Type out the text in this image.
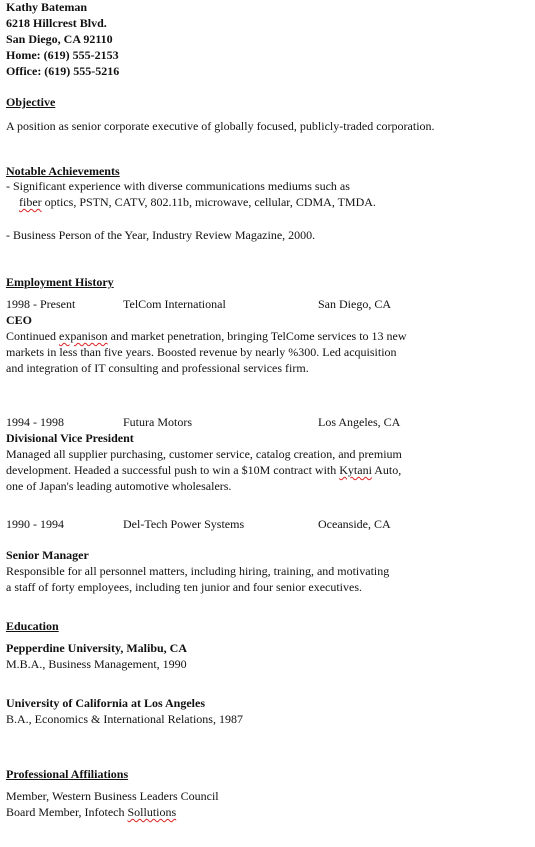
Kathy Bateman
6218 Hillcrest Blvd.
San Diego, CA 92110
Home: (619) 555-2153
Office: (619) 555-5216
Objective
A position as senior corporate executive of globally focused, publicly-traded corporation.
Notable Achievements
- Significant experience with diverse communications mediums such as
fiber optics, PSTN, CATV, 802.11b, microwave, cellular, CDMA, TMDA.
- Business Person of the Year, Industry Review Magazine, 2000.
Employment History
1998 - Present	TelCom International	San Diego, CA
CEO
Continued expanison and market penetration, bringing TelCome services to 13 new
markets in less than five years. Boosted revenue by nearly %300. Led acquisition
and integration of IT consulting and professional services firm.
1994 - 1998	Futura Motors	Los Angeles, CA
Divisional Vice President
Managed all supplier purchasing, customer service, catalog creation, and premium
development. Headed a successful push to win a $10M contract with Kytani Auto,
one of Japan's leading automotive wholesalers.
1990 - 1994	Del-Tech Power Systems	Oceanside, CA
Senior Manager
Responsible for all personnel matters, including hiring, training, and motivating
a staff of forty employees, including ten junior and four senior executives.
Education
Pepperdine University, Malibu, CA
M.B.A., Business Management, 1990
University of California at Los Angeles
B.A., Economics & International Relations, 1987
Professional Affiliations
Member, Western Business Leaders Council
Board Member, Infotech Sollutions
